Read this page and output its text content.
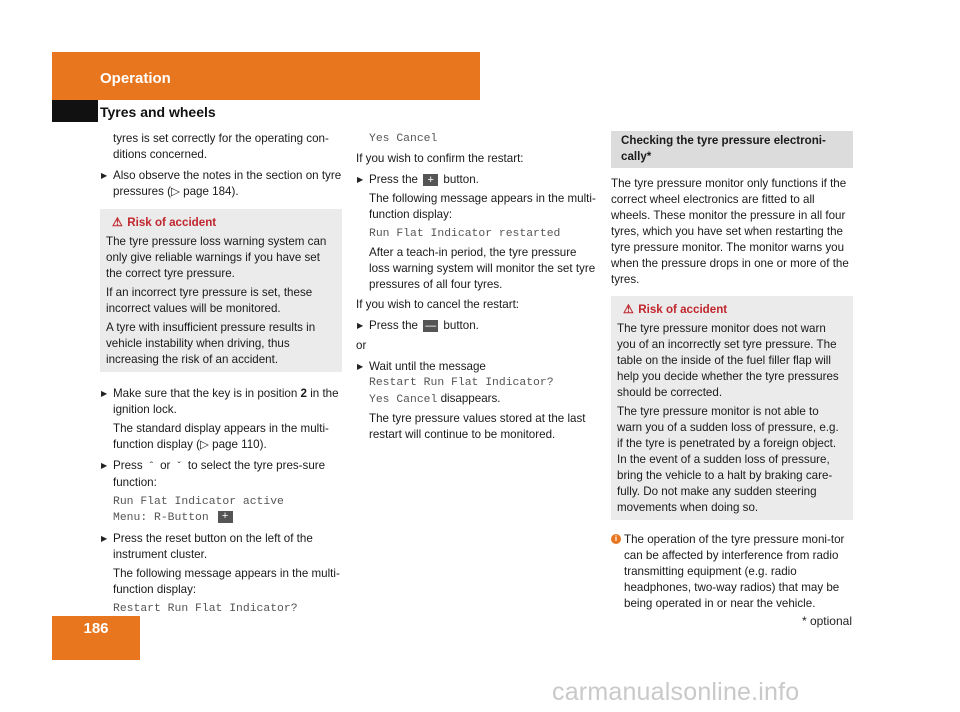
Operation
Tyres and wheels

tyres is set correctly for the operating con-ditions concerned.

▶ Also observe the notes in the section on tyre pressures (▷ page 184).
⚠ Risk of accident

The tyre pressure loss warning system can only give reliable warnings if you have set the correct tyre pressure.

If an incorrect tyre pressure is set, these incorrect values will be monitored.

A tyre with insufficient pressure results in vehicle instability when driving, thus increasing the risk of an accident.

▶ Make sure that the key is in position 2 in the ignition lock.

The standard display appears in the multi-function display (▷ page 110).

▶ Press ˆ or ˇ to select the tyre pres-sure function:

Run Flat Indicator active

Menu: R-Button +

▶ Press the reset button on the left of the instrument cluster.

The following message appears in the multi-function display:

Restart Run Flat Indicator?

Yes Cancel

If you wish to confirm the restart:

▶ Press the + button.

The following message appears in the multi-function display:

Run Flat Indicator restarted

After a teach-in period, the tyre pressure loss warning system will monitor the set tyre pressures of all four tyres.

If you wish to cancel the restart:

▶ Press the — button.

or

▶ Wait until the message

Restart Run Flat Indicator?

Yes Cancel disappears.

The tyre pressure values stored at the last restart will continue to be monitored.

Checking the tyre pressure electroni-cally*

The tyre pressure monitor only functions if the correct wheel electronics are fitted to all wheels. These monitor the pressure in all four tyres, which you have set when restarting the tyre pressure monitor. The monitor warns you when the pressure drops in one or more of the tyres.

⚠ Risk of accident

The tyre pressure monitor does not warn you of an incorrectly set tyre pressure. The table on the inside of the fuel filler flap will help you decide whether the tyre pressures should be corrected.

The tyre pressure monitor is not able to warn you of a sudden loss of pressure, e.g. if the tyre is penetrated by a foreign object. In the event of a sudden loss of pressure, bring the vehicle to a halt by braking care-fully. Do not make any sudden steering movements when doing so.

i The operation of the tyre pressure moni-tor can be affected by interference from radio transmitting equipment (e.g. radio headphones, two-way radios) that may be being operated in or near the vehicle.
186	* optional
carmanualsonline.info
